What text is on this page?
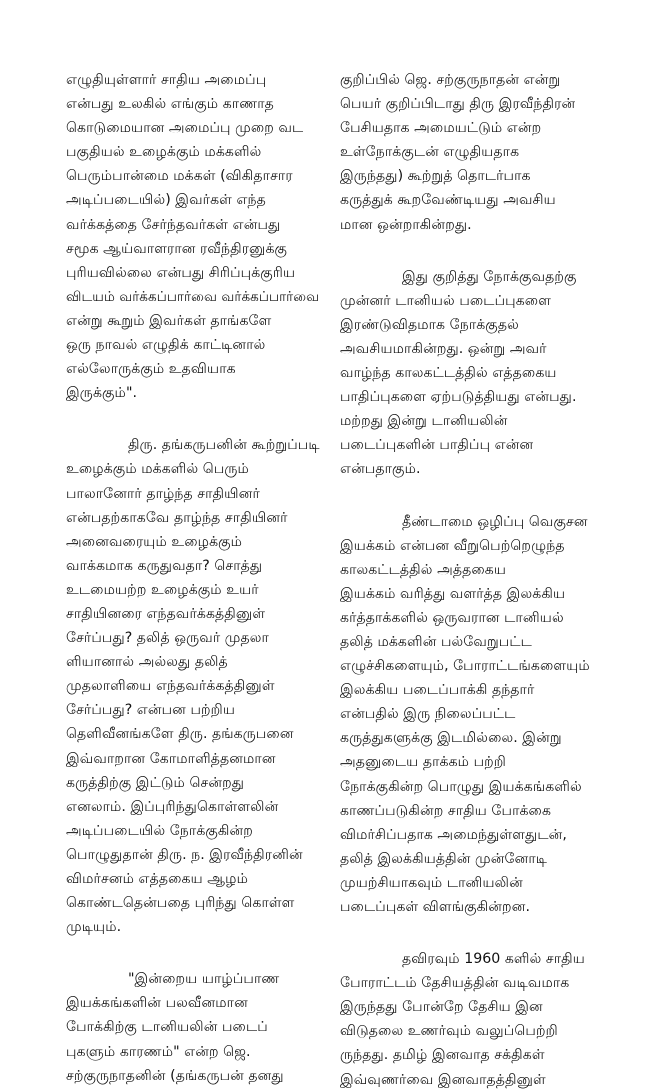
எழுதியுள்ளார் சாதிய அமைப்பு
என்பது உலகில் எங்கும் காணாத
கொடுமையான அமைப்பு முறை வட
பகுதியல் உழைக்கும் மக்களில்
பெரும்பான்மை மக்கள் (விகிதாசார
அடிப்படையில்) இவர்கள் எந்த
வர்க்கத்தை சேர்ந்தவர்கள் என்பது
சமூக ஆய்வாளரான ரவீந்திரனுக்கு
புரியவில்லை என்பது சிரிப்புக்குரிய
விடயம் வர்க்கப்பார்வை வர்க்கப்பார்வை
என்று கூறும் இவர்கள் தாங்களே
ஒரு நாவல் எழுதிக் காட்டினால்
எல்லோருக்கும் உதவியாக
இருக்கும்".

திரு. தங்கருபனின் கூற்றுப்படி
உழைக்கும் மக்களில் பெரும்
பாலானோர் தாழ்ந்த சாதியினர்
என்பதற்காகவே தாழ்ந்த சாதியினர்
அனைவரையும் உழைக்கும்
வாக்கமாக கருதுவதா? சொத்து
உடமையற்ற உழைக்கும் உயர்
சாதியினரை எந்தவர்க்கத்தினுள்
சேர்ப்பது? தலித் ஒருவர் முதலா
ளியானால் அல்லது தலித்
முதலாளியை எந்தவர்க்கத்தினுள்
சேர்ப்பது? என்பன பற்றிய
தெளிவீனங்களே திரு. தங்கருபனை
இவ்வாறான கோமாளித்தனமான
கருத்திற்கு இட்டும் சென்றது
எனலாம். இப்புரிந்துகொள்ளலின்
அடிப்படையில் நோக்குகின்ற
பொழுதுதான் திரு. ந. இரவீந்திரனின்
விமர்சனம் எத்தகைய ஆழம்
கொண்டதென்பதை புரிந்து கொள்ள
முடியும்.

"இன்றைய யாழ்ப்பாண
இயக்கங்களின் பலவீனமான
போக்கிற்கு டானியலின் படைப்
புகளும் காரணம்" என்ற ஜெ.
சற்குருநாதனின் (தங்கருபன் தனது

குறிப்பில் ஜெ. சற்குருநாதன் என்று
பெயர் குறிப்பிடாது திரு இரவீந்திரன்
பேசியதாக அமையட்டும் என்ற
உள்நோக்குடன் எழுதியதாக
இருந்தது) கூற்றுத் தொடர்பாக
கருத்துக் கூறவேண்டியது அவசிய
மான ஒன்றாகின்றது.

இது குறித்து நோக்குவதற்கு
முன்னர் டானியல் படைப்புகளை
இரண்டுவிதமாக நோக்குதல்
அவசியமாகின்றது. ஒன்று அவர்
வாழ்ந்த காலகட்டத்தில் எத்தகைய
பாதிப்புகளை ஏற்படுத்தியது என்பது.
மற்றது இன்று டானியலின்
படைப்புகளின் பாதிப்பு என்ன
என்பதாகும்.

தீண்டாமை ஒழிப்பு வெகுசன
இயக்கம் என்பன வீறுபெற்றெழுந்த
காலகட்டத்தில் அத்தகைய
இயக்கம் வரித்து வளர்த்த இலக்கிய
கர்த்தாக்களில் ஒருவரான டானியல்
தலித் மக்களின் பல்வேறுபட்ட
எழுச்சிகளையும், போராட்டங்களையும்
இலக்கிய படைப்பாக்கி தந்தார்
என்பதில் இரு நிலைப்பட்ட
கருத்துகளுக்கு இடமில்லை. இன்று
அதனுடைய தாக்கம் பற்றி
நோக்குகின்ற பொழுது இயக்கங்களில்
காணப்படுகின்ற சாதிய போக்கை
விமர்சிப்பதாக அமைந்துள்ளதுடன்,
தலித் இலக்கியத்தின் முன்னோடி
முயற்சியாகவும் டானியலின்
படைப்புகள் விளங்குகின்றன.

தவிரவும் 1960 களில் சாதிய
போராட்டம் தேசியத்தின் வடிவமாக
இருந்தது போன்றே தேசிய இன
விடுதலை உணர்வும் வலுப்பெற்றி
ருந்தது. தமிழ் இனவாத சக்திகள்
இவ்வுணர்வை இனவாதத்தினுள்
